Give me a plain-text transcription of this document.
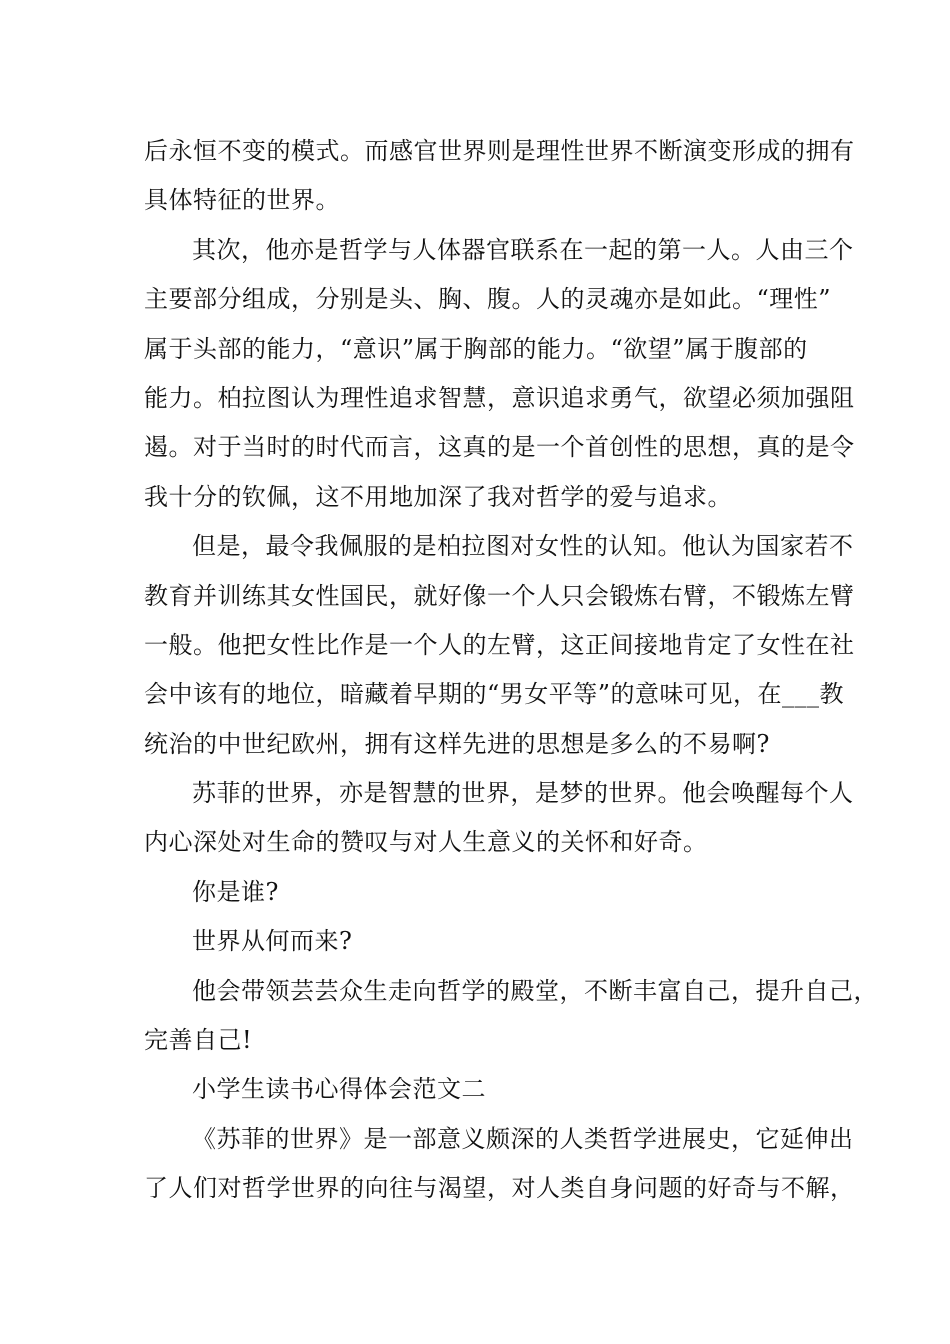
后永恒不变的模式。而感官世界则是理性世界不断演变形成的拥有
具体特征的世界。
其次，他亦是哲学与人体器官联系在一起的第一人。人由三个
主要部分组成，分别是头、胸、腹。人的灵魂亦是如此。“理性”
属于头部的能力，“意识”属于胸部的能力。“欲望”属于腹部的
能力。柏拉图认为理性追求智慧，意识追求勇气，欲望必须加强阻
遏。对于当时的时代而言，这真的是一个首创性的思想，真的是令
我十分的钦佩，这不用地加深了我对哲学的爱与追求。
但是，最令我佩服的是柏拉图对女性的认知。他认为国家若不
教育并训练其女性国民，就好像一个人只会锻炼右臂，不锻炼左臂
一般。他把女性比作是一个人的左臂，这正间接地肯定了女性在社
会中该有的地位，暗藏着早期的“男女平等”的意味可见，在___教
统治的中世纪欧州，拥有这样先进的思想是多么的不易啊?
苏菲的世界，亦是智慧的世界，是梦的世界。他会唤醒每个人
内心深处对生命的赞叹与对人生意义的关怀和好奇。
你是谁?
世界从何而来?
他会带领芸芸众生走向哲学的殿堂，不断丰富自己，提升自己，
完善自己!
小学生读书心得体会范文二
《苏菲的世界》是一部意义颇深的人类哲学进展史，它延伸出
了人们对哲学世界的向往与渴望，对人类自身问题的好奇与不解，
